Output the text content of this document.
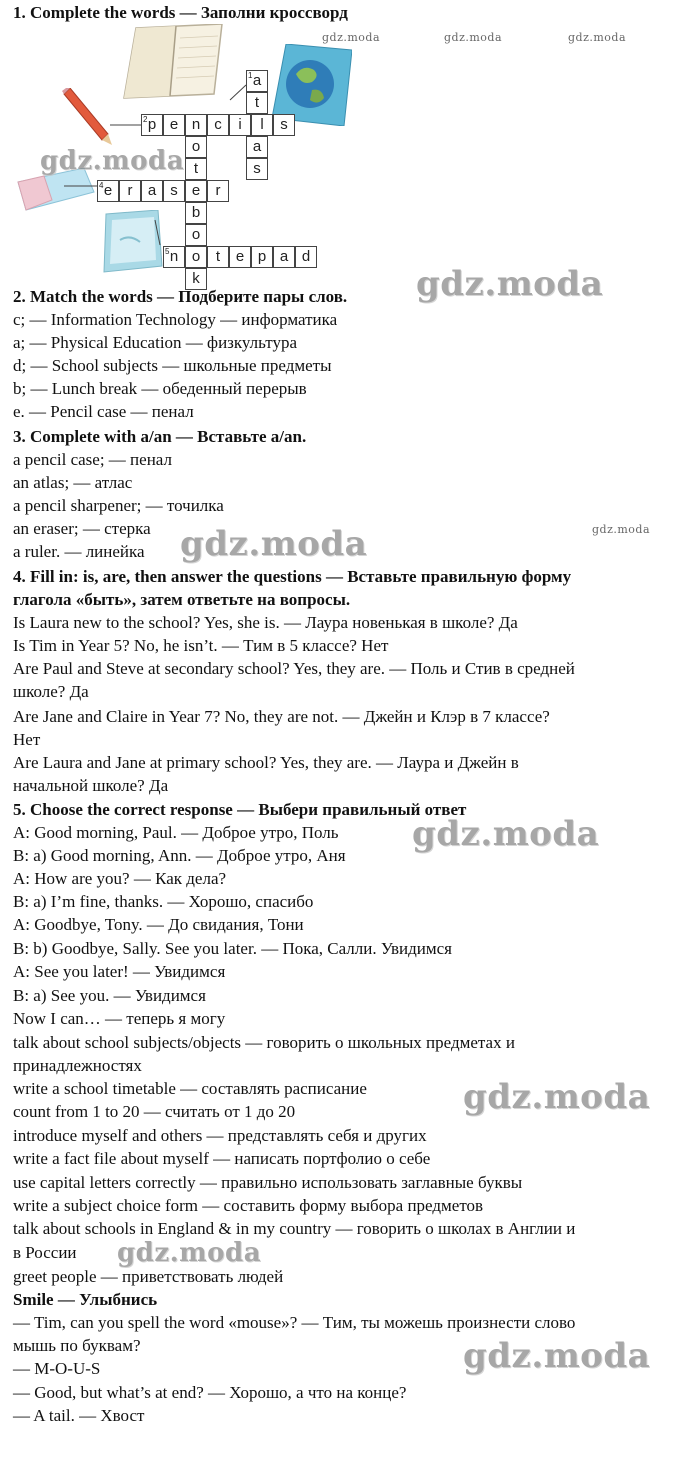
1. Complete the words — Заполни кроссворд
2 p e n c	i	l	s
1 a
t
a
s
o
t
b
o
k
4 e	r	a s e	r
5 n o	t	e p a d
2. Match the words — Подберите пары слов.
c; — Information Technology — информатика
a; — Physical Education — физкультура
d; — School subjects — школьные предметы
b; — Lunch break — обеденный перерыв
e. — Pencil case — пенал
3. Complete with a/an — Вставьте a/an.
a pencil case; — пенал
an atlas; — атлас
a pencil sharpener; — точилка
an eraser; — стерка
a ruler. — линейка
4. Fill in: is, are, then answer the questions — Вставьте правильную форму
глагола «быть», затем ответьте на вопросы.
Is Laura new to the school? Yes, she is. — Лаура новенькая в школе? Да
Is Tim in Year 5? No, he isn’t. — Тим в 5 классе? Нет
Are Paul and Steve at secondary school? Yes, they are. — Поль и Стив в средней
школе? Да
Are Jane and Claire in Year 7? No, they are not. — Джейн и Клэр в 7 классе?
Нет
Are Laura and Jane at primary school? Yes, they are. — Лаура и Джейн в
начальной школе? Да
5. Choose the correct response — Выбери правильный ответ
A: Good morning, Paul. — Доброе утро, Поль
B: a) Good morning, Ann. — Доброе утро, Аня
A: How are you? — Как дела?
B: a) I’m fine, thanks. — Хорошо, спасибо
A: Goodbye, Tony. — До свидания, Тони
B: b) Goodbye, Sally. See you later. — Пока, Салли. Увидимся
A: See you later! — Увидимся
B: a) See you. — Увидимся
Now I can… — теперь я могу
talk about school subjects/objects — говорить о школьных предметах и
принадлежностях
write a school timetable — составлять расписание
count from 1 to 20 — считать от 1 до 20
introduce myself and others — представлять себя и других
write a fact file about myself — написать портфолио о себе
use capital letters correctly — правильно использовать заглавные буквы
write a subject choice form — составить форму выбора предметов
talk about schools in England & in my country — говорить о школах в Англии и
в России
greet people — приветствовать людей
Smile — Улыбнись
— Tim, can you spell the word «mouse»? — Тим, ты можешь произнести слово
мышь по буквам?
— M-O-U-S
— Good, but what’s at end? — Хорошо, а что на конце?
— A tail. — Хвост
gdz.moda	gdz.moda	gdz.moda
gdz.moda
gdz.moda
gdz.moda	gdz.moda
gdz.moda
gdz.moda
gdz.moda
gdz.moda
